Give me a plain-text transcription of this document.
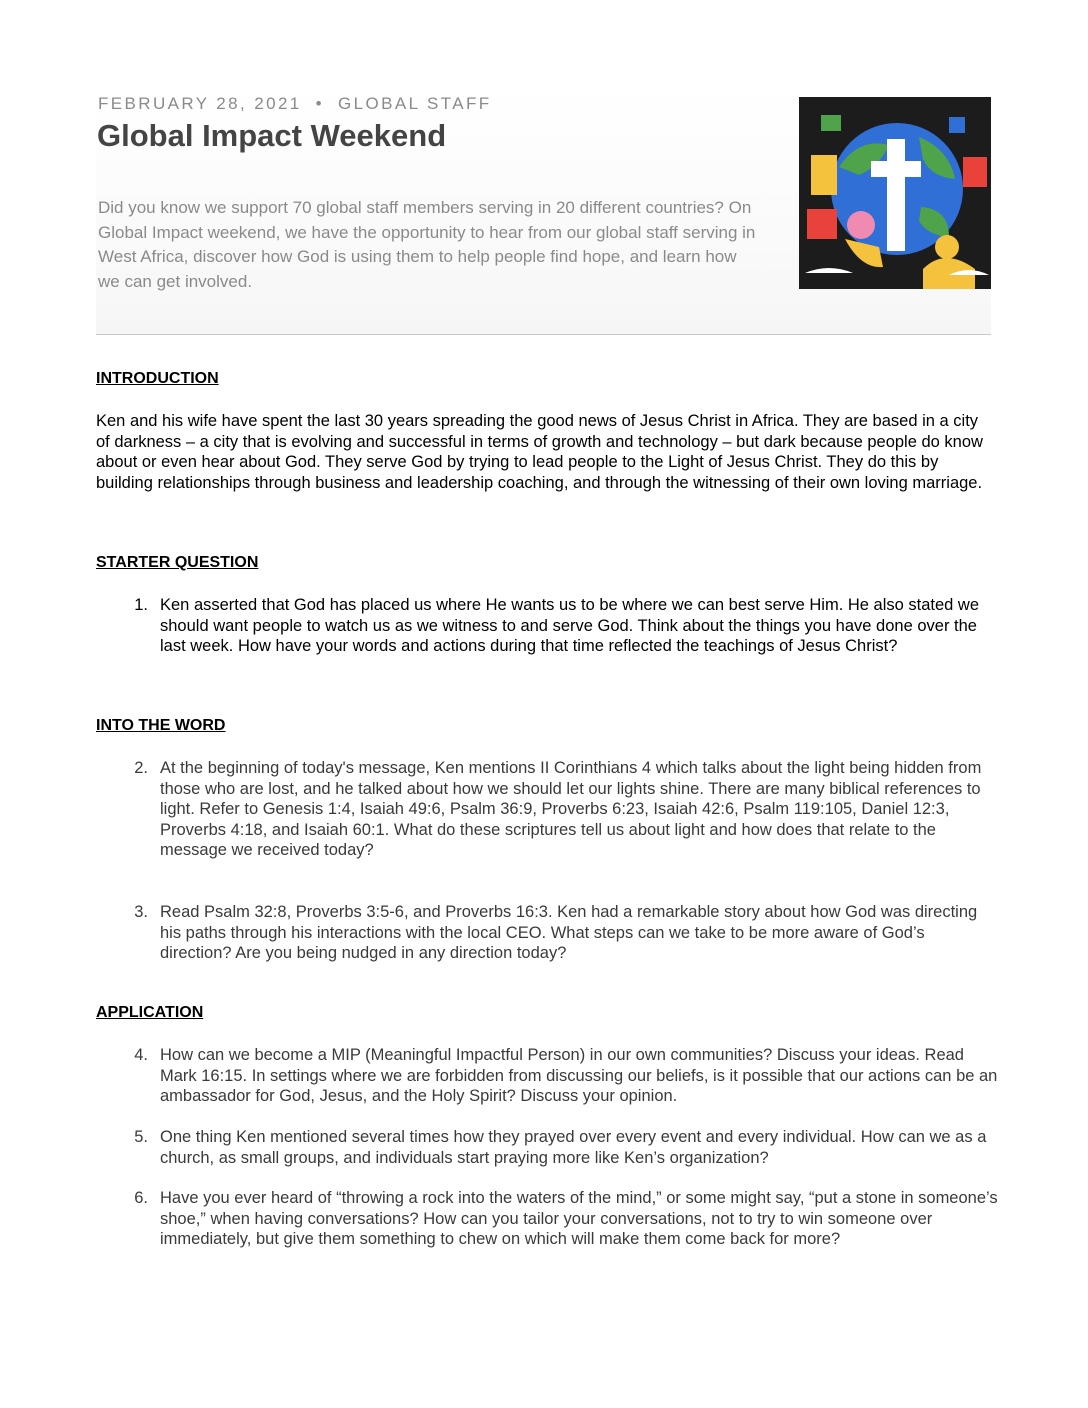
FEBRUARY 28, 2021 • GLOBAL STAFF
Global Impact Weekend

Did you know we support 70 global staff members serving in 20 different countries? On Global Impact weekend, we have the opportunity to hear from our global staff serving in West Africa, discover how God is using them to help people find hope, and learn how we can get involved.

INTRODUCTION

Ken and his wife have spent the last 30 years spreading the good news of Jesus Christ in Africa. They are based in a city of darkness – a city that is evolving and successful in terms of growth and technology – but dark because people do know about or even hear about God. They serve God by trying to lead people to the Light of Jesus Christ. They do this by building relationships through business and leadership coaching, and through the witnessing of their own loving marriage.

STARTER QUESTION
1. Ken asserted that God has placed us where He wants us to be where we can best serve Him. He also stated we should want people to watch us as we witness to and serve God. Think about the things you have done over the last week. How have your words and actions during that time reflected the teachings of Jesus Christ?
INTO THE WORD
2. At the beginning of today's message, Ken mentions II Corinthians 4 which talks about the light being hidden from those who are lost, and he talked about how we should let our lights shine. There are many biblical references to light. Refer to Genesis 1:4, Isaiah 49:6, Psalm 36:9, Proverbs 6:23, Isaiah 42:6, Psalm 119:105, Daniel 12:3, Proverbs 4:18, and Isaiah 60:1. What do these scriptures tell us about light and how does that relate to the message we received today?
3. Read Psalm 32:8, Proverbs 3:5-6, and Proverbs 16:3. Ken had a remarkable story about how God was directing his paths through his interactions with the local CEO. What steps can we take to be more aware of God’s direction? Are you being nudged in any direction today?
APPLICATION
4. How can we become a MIP (Meaningful Impactful Person) in our own communities? Discuss your ideas. Read Mark 16:15. In settings where we are forbidden from discussing our beliefs, is it possible that our actions can be an ambassador for God, Jesus, and the Holy Spirit? Discuss your opinion.
5. One thing Ken mentioned several times how they prayed over every event and every individual. How can we as a church, as small groups, and individuals start praying more like Ken’s organization?
6. Have you ever heard of “throwing a rock into the waters of the mind,” or some might say, “put a stone in someone’s shoe,” when having conversations? How can you tailor your conversations, not to try to win someone over immediately, but give them something to chew on which will make them come back for more?
